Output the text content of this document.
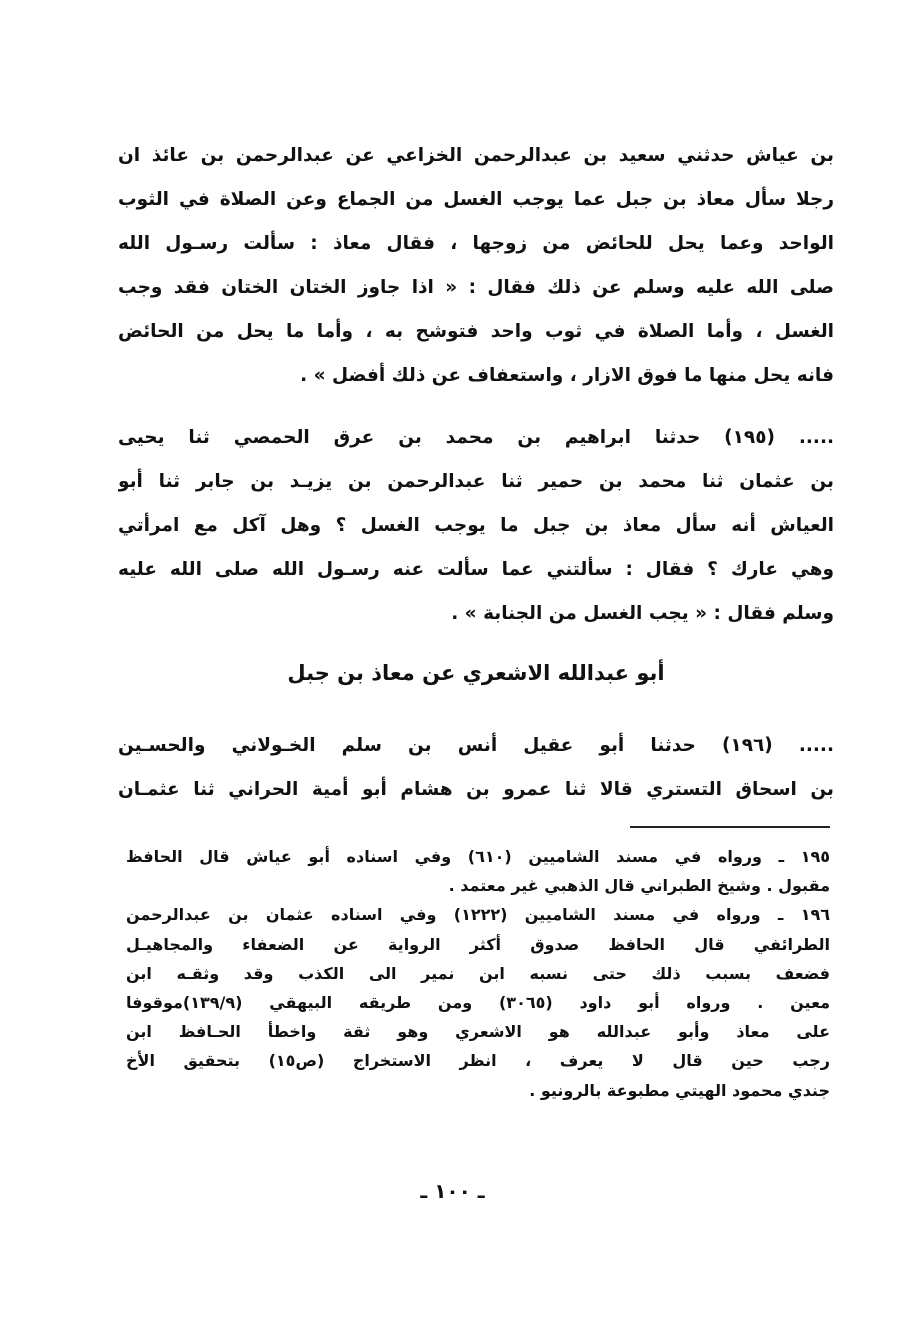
بن عياش حدثني سعيد بن عبدالرحمن الخزاعي عن عبدالرحمن بن عائذ ان
رجلا سأل معاذ بن جبل عما يوجب الغسل من الجماع وعن الصلاة في الثوب
الواحد وعما يحل للحائض من زوجها ، فقال معاذ : سألت رسـول الله
صلى الله عليه وسلم عن ذلك فقال : « اذا جاوز الختان الختان فقد وجب
الغسل ، وأما الصلاة في ثوب واحد فتوشح به ، وأما ما يحل من الحائض
فانه يحل منها ما فوق الازار ، واستعفاف عن ذلك أفضل » .
..... (١٩٥) حدثنا ابراهيم بن محمد بن عرق الحمصي ثنا يحيى
بن عثمان ثنا محمد بن حمير ثنا عبدالرحمن بن يزيـد بن جابر ثنا أبو
العياش أنه سأل معاذ بن جبل ما يوجب الغسل ؟ وهل آكل مع امرأتي
وهي عارك ؟ فقال : سألتني عما سألت عنه رسـول الله صلى الله عليه
وسلم فقال : « يجب الغسل من الجنابة » .
أبو عبدالله الاشعري عن معاذ بن جبل
..... (١٩٦) حدثنا أبو عقيل أنس بن سلم الخـولاني والحسـين
بن اسحاق التستري قالا ثنا عمرو بن هشام أبو أمية الحراني ثنا عثمـان
١٩٥ ـ ورواه في مسند الشاميين (٦١٠) وفي اسناده أبو عياش قال الحافظ
مقبول . وشيخ الطبراني قال الذهبي غير معتمد .
١٩٦ ـ ورواه في مسند الشاميين (١٢٢٢) وفي اسناده عثمان بن عبدالرحمن
الطرائفي قال الحافظ صدوق أكثر الرواية عن الضعفاء والمجاهيـل
فضعف بسبب ذلك حتى نسبه ابن نمير الى الكذب وقد وثقـه ابن
معين . ورواه أبو داود (٣٠٦٥) ومن طريقه البيهقي (١٣٩/٩)موقوفا
على معاذ وأبو عبدالله هو الاشعري وهو ثقة واخطأ الحـافظ ابن
رجب حين قال لا يعرف ، انظر الاستخراج (ص١٥) بتحقيق الأخ
جندي محمود الهيتي مطبوعة بالرونيو .
ـ ١٠٠ ـ
